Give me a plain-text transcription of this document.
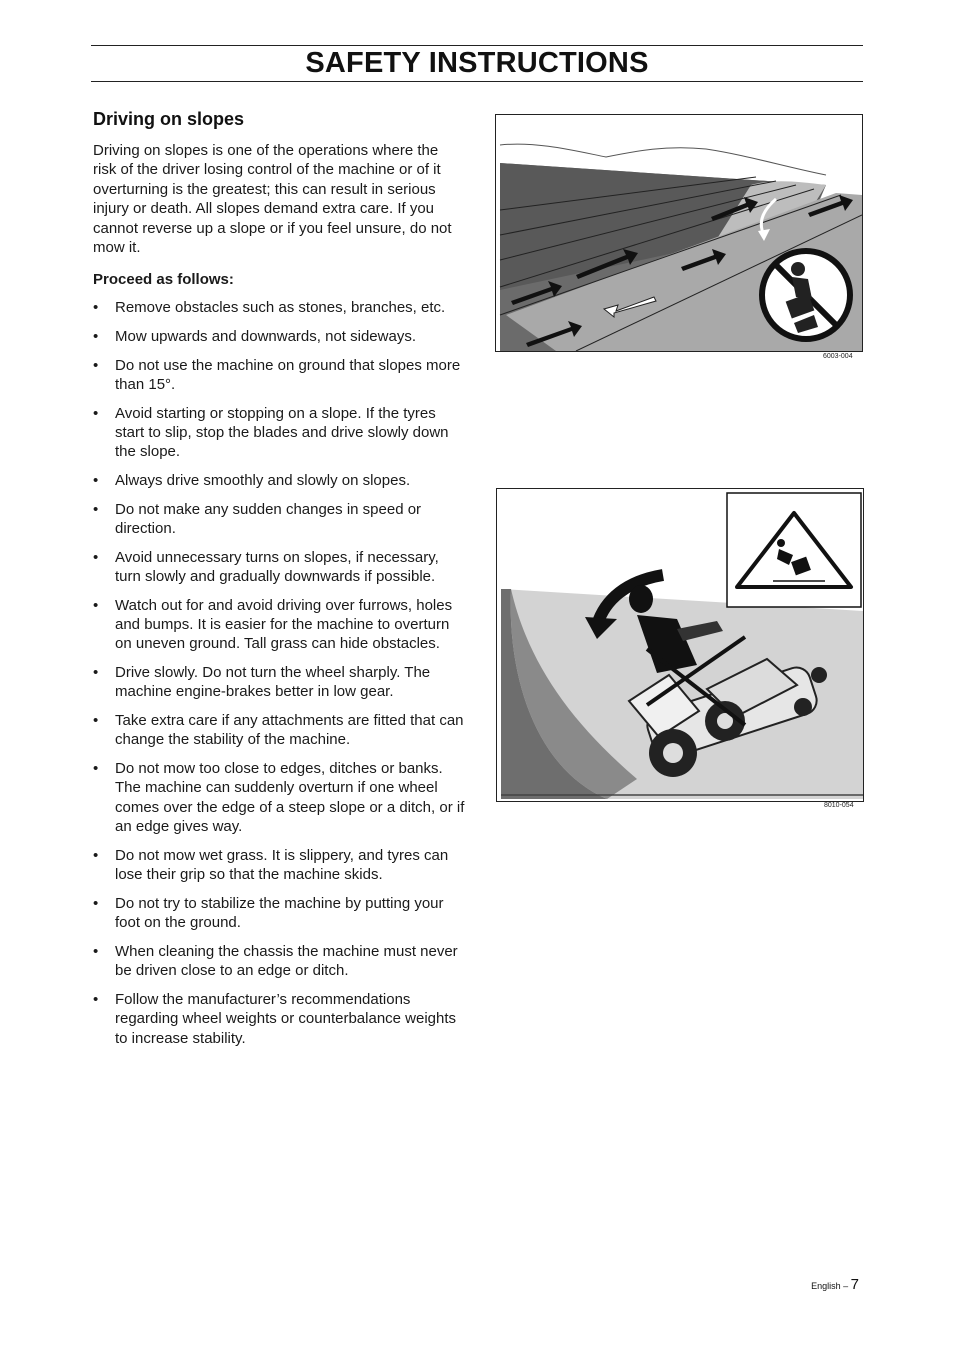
SAFETY INSTRUCTIONS
Driving on slopes

Driving on slopes is one of the operations where the risk of the driver losing control of the machine or of it overturning is the greatest; this can result in serious injury or death. All slopes demand extra care. If you cannot reverse up a slope or if you feel unsure, do not mow it.

Proceed as follows:
• Remove obstacles such as stones, branches, etc.
• Mow upwards and downwards, not sideways.
• Do not use the machine on ground that slopes more than 15°.
• Avoid starting or stopping on a slope. If the tyres start to slip, stop the blades and drive slowly down the slope.
• Always drive smoothly and slowly on slopes.
• Do not make any sudden changes in speed or direction.
• Avoid unnecessary turns on slopes, if necessary, turn slowly and gradually downwards if possible.
• Watch out for and avoid driving over furrows, holes and bumps. It is easier for the machine to overturn on uneven ground. Tall grass can hide obstacles.
• Drive slowly. Do not turn the wheel sharply. The machine engine-brakes better in low gear.
• Take extra care if any attachments are fitted that can change the stability of the machine.
• Do not mow too close to edges, ditches or banks. The machine can suddenly overturn if one wheel comes over the edge of a steep slope or a ditch, or if an edge gives way.
• Do not mow wet grass. It is slippery, and tyres can lose their grip so that the machine skids.
• Do not try to stabilize the machine by putting your foot on the ground.
• When cleaning the chassis the machine must never be driven close to an edge or ditch.
• Follow the manufacturer’s recommendations regarding wheel weights or counterbalance weights to increase stability.
6003-004
8010-054
English – 7
